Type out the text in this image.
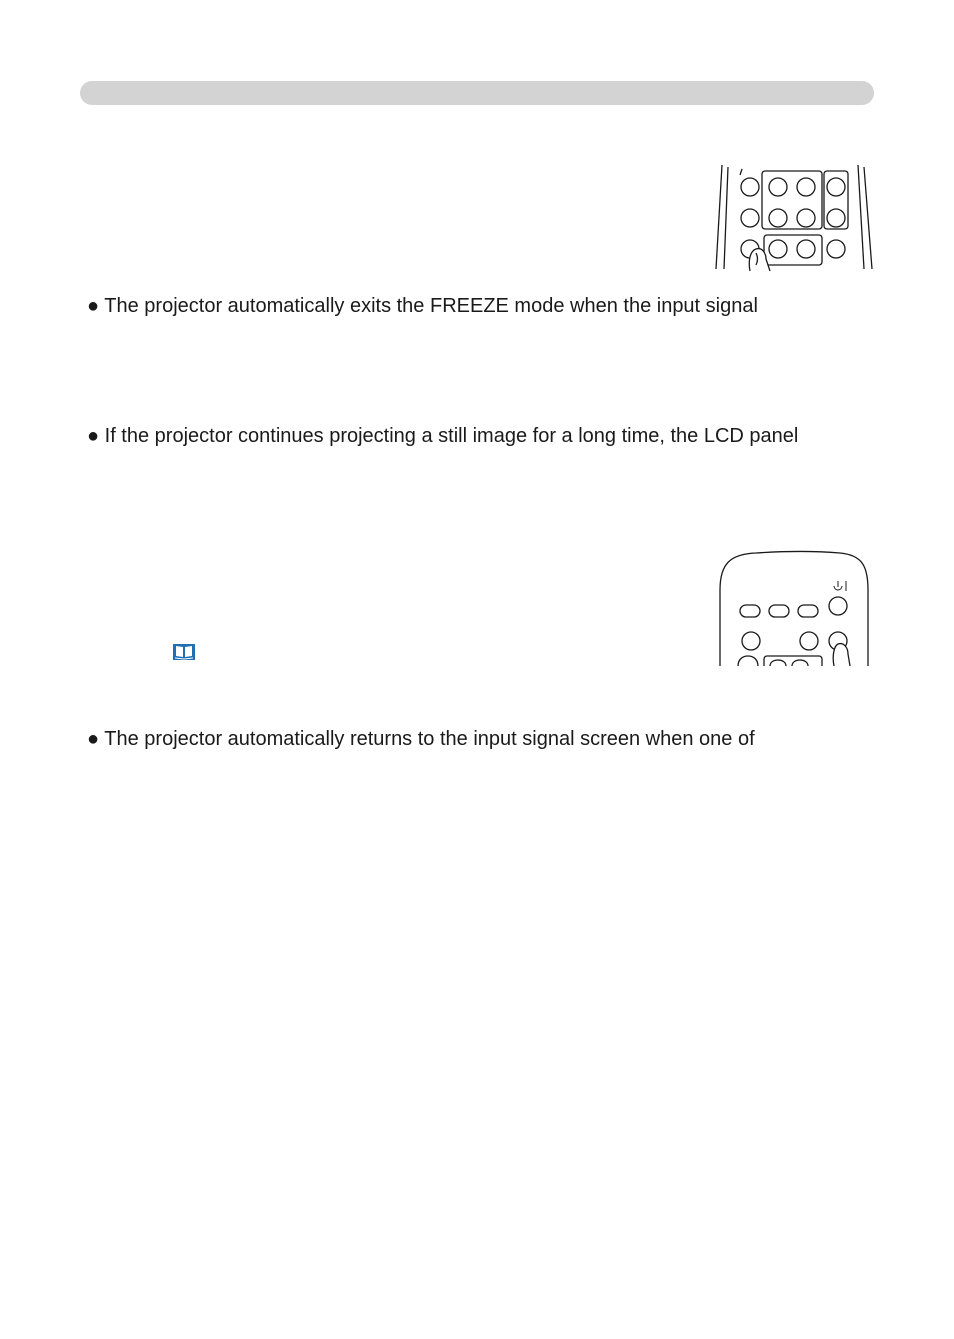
● The projector automatically exits the FREEZE mode when the input signal
● If the projector continues projecting a still image for a long time, the LCD panel
● The projector automatically returns to the input signal screen when one of
